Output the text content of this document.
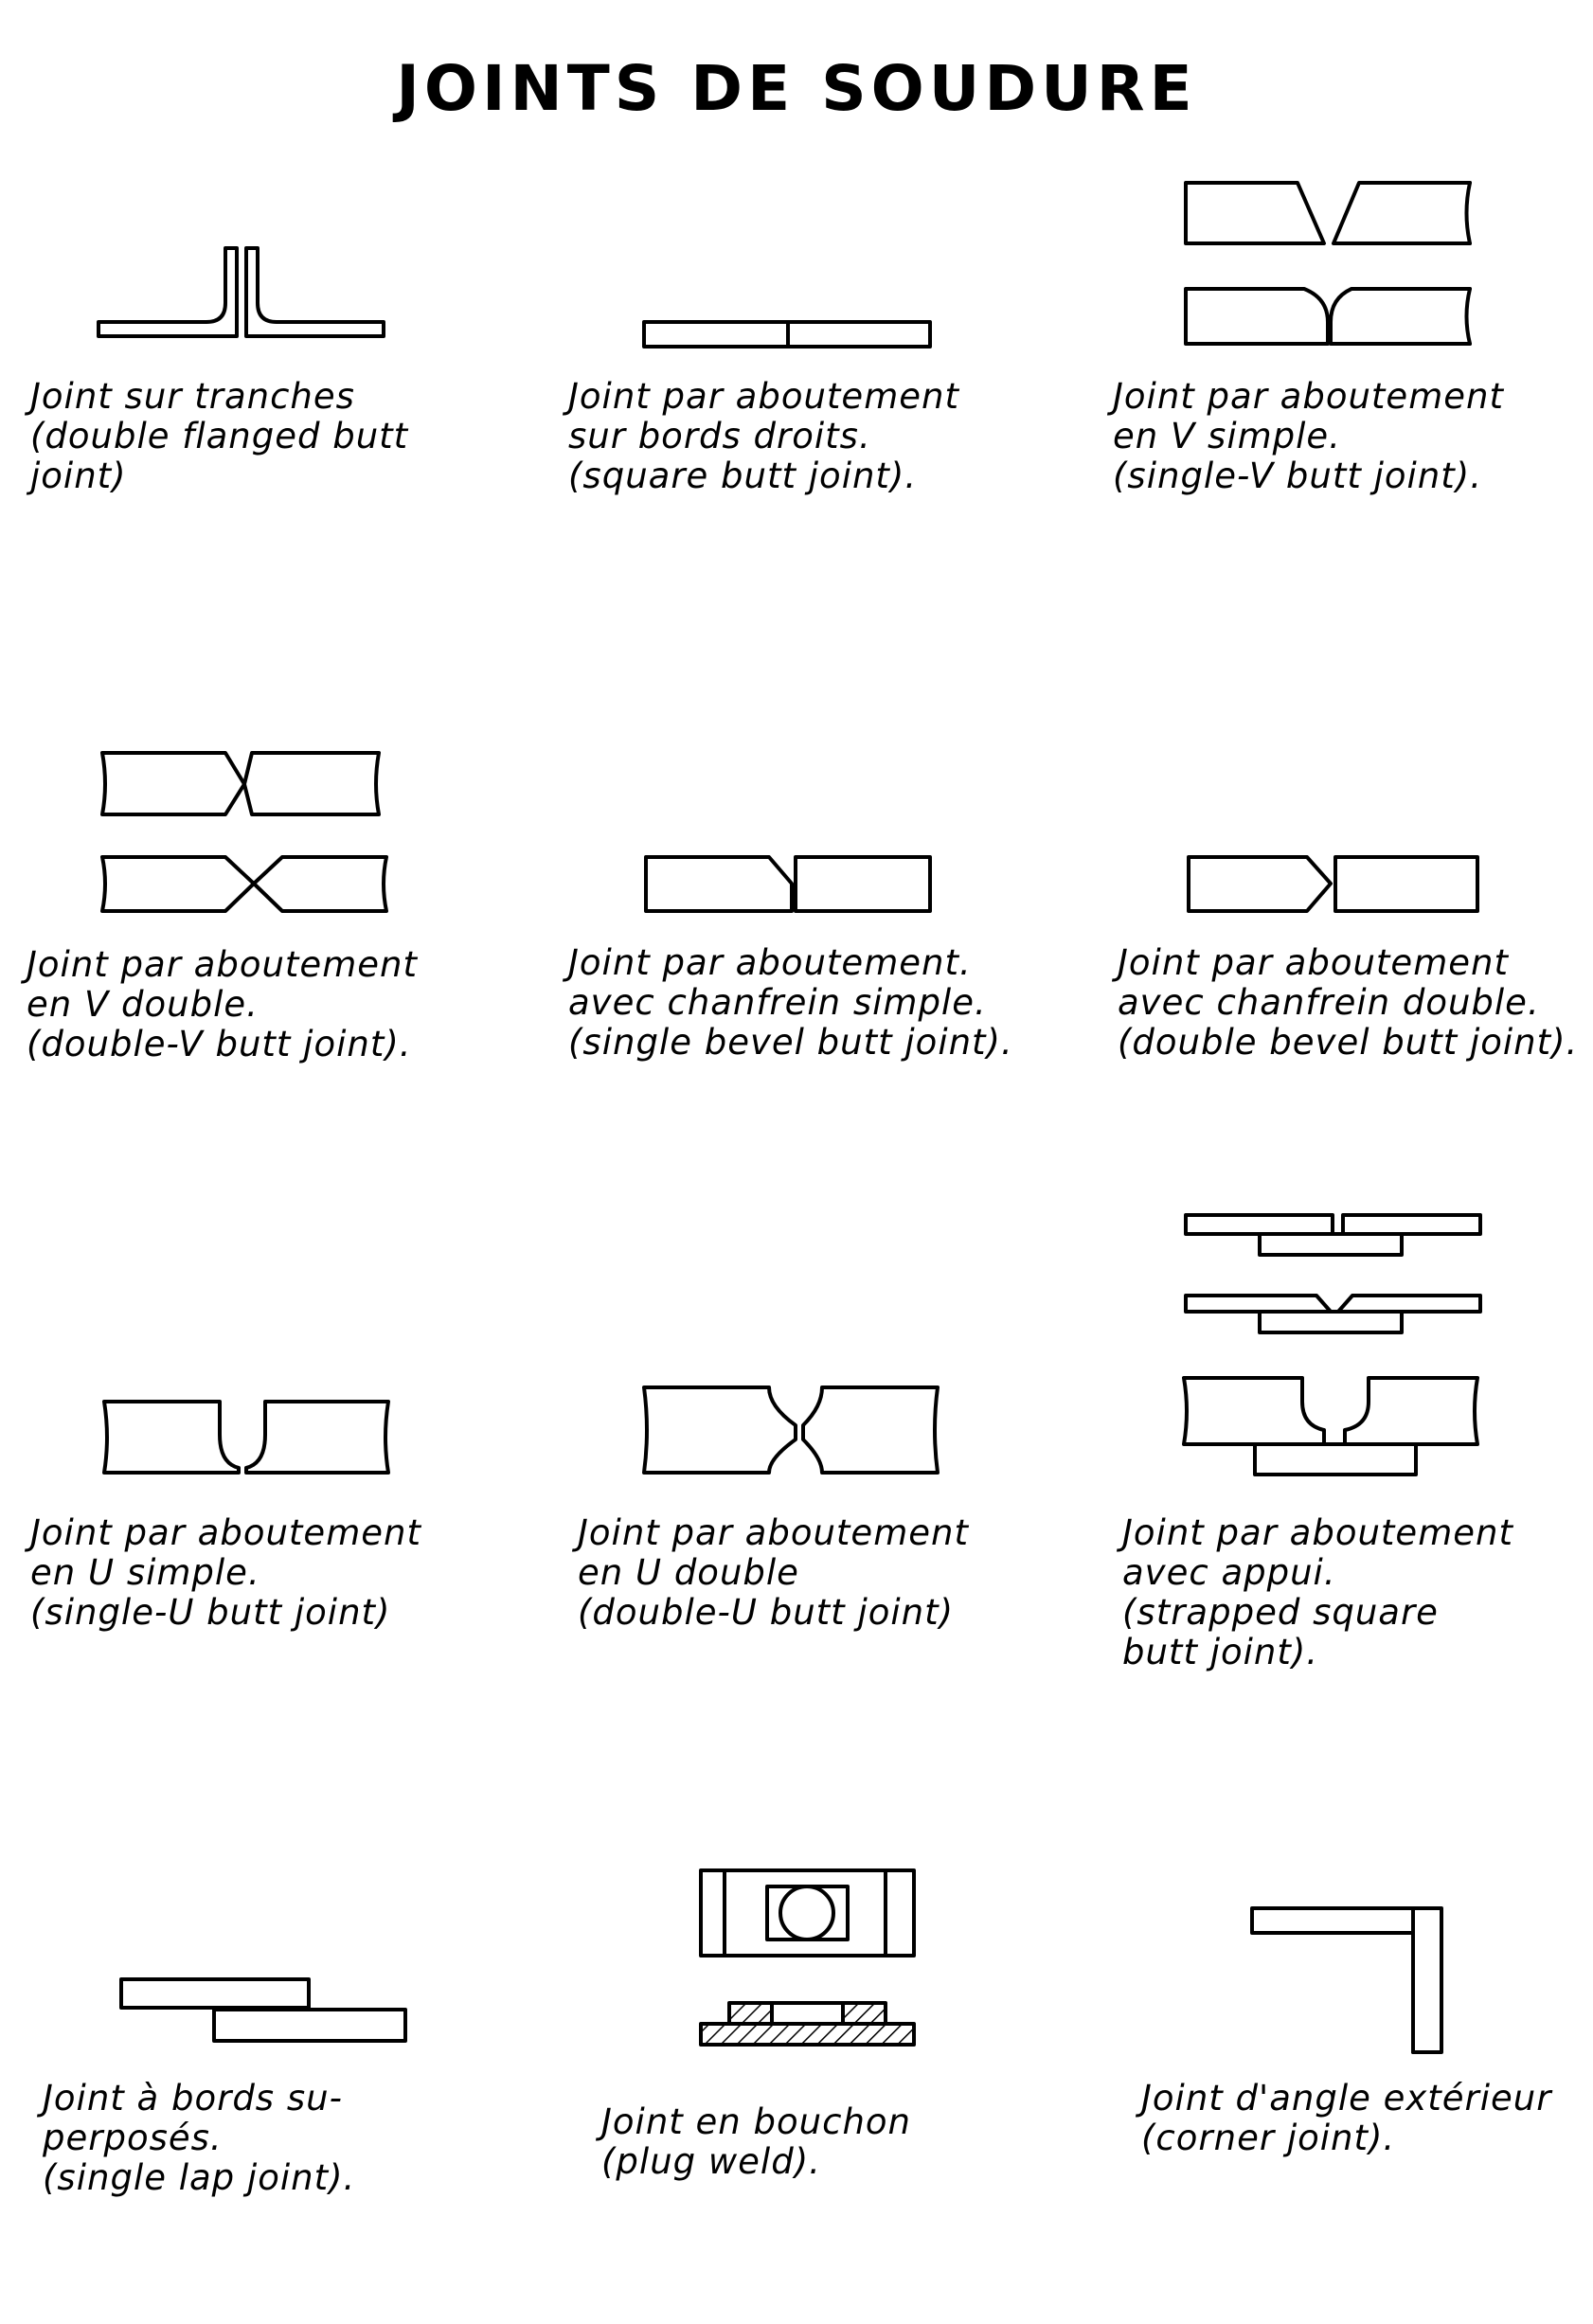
JOINTS DE SOUDURE
Joint sur tranches
(double flanged butt
joint)
Joint par aboutement
sur bords droits.
(square butt joint).
Joint par aboutement
en V simple.
(single-V butt joint).
Joint par aboutement
en V double.
(double-V butt joint).
Joint par aboutement.
avec chanfrein simple.
(single bevel butt joint).
Joint par aboutement
avec chanfrein double.
(double bevel butt joint).
Joint par aboutement
en U simple.
(single-U butt joint)
Joint par aboutement
en U double
(double-U butt joint)
Joint par aboutement
avec appui.
(strapped square
butt joint).
Joint à bords su-
perposés.
(single lap joint).
Joint en bouchon
(plug weld).
Joint d'angle extérieur
(corner joint).
